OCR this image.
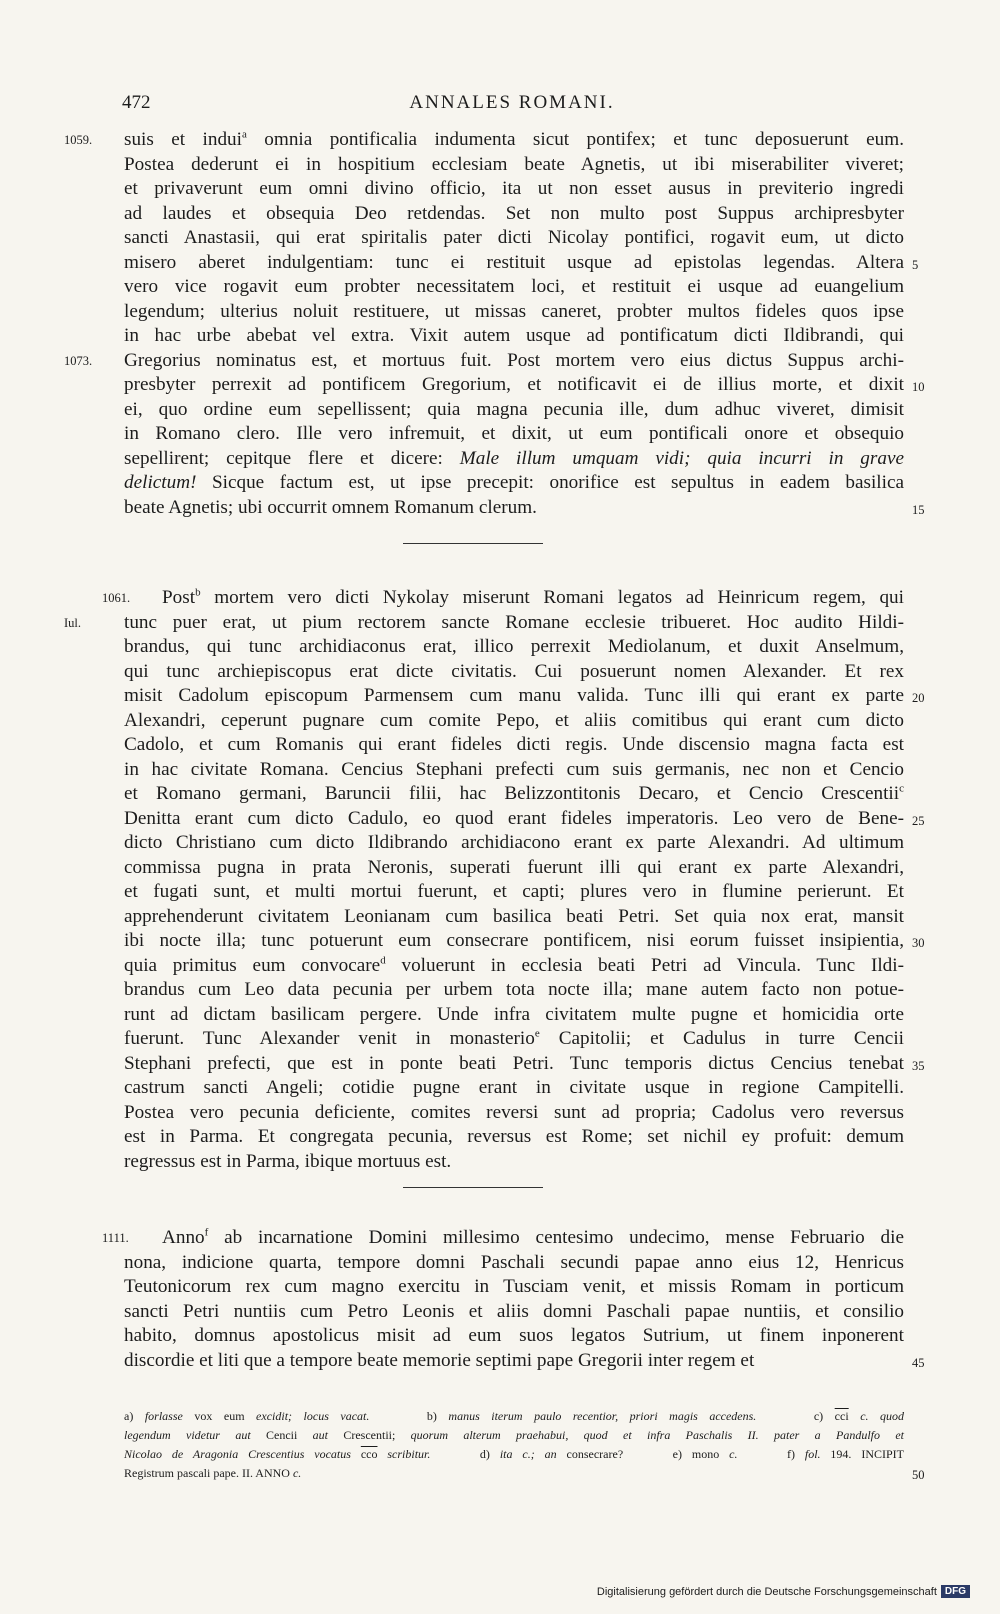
472	ANNALES ROMANI.
suis et indui$^a$ omnia pontificalia indumenta sicut pontifex; et tunc deposuerunt eum.
1059.
Postea dederunt ei in hospitium ecclesiam beate Agnetis, ut ibi miserabiliter viveret;
et privaverunt eum omni divino officio, ita ut non esset ausus in previterio ingredi
ad laudes et obsequia Deo retdendas. Set non multo post Suppus archipresbyter
sancti Anastasii, qui erat spiritalis pater dicti Nicolay pontifici, rogavit eum, ut dicto
misero aberet indulgentiam: tunc ei restituit usque ad epistolas legendas. Altera 5
vero vice rogavit eum probter necessitatem loci, et restituit ei usque ad euangelium
legendum; ulterius noluit restituere, ut missas caneret, probter multos fideles quos ipse
in hac urbe abebat vel extra. Vixit autem usque ad pontificatum dicti Ildibrandi, qui
Gregorius nominatus est, et mortuus fuit. Post mortem vero eius dictus Suppus archi-
1073.
presbyter perrexit ad pontificem Gregorium, et notificavit ei de illius morte, et dixit 10
ei, quo ordine eum sepellissent; quia magna pecunia ille, dum adhuc viveret, dimisit
in Romano clero. Ille vero infremuit, et dixit, ut eum pontificali onore et obsequio
sepellirent; cepitque flere et dicere: Male illum umquam vidi; quia incurri in grave
delictum! Sicque factum est, ut ipse precepit: onorifice est sepultus in eadem basilica
beate Agnetis; ubi occurrit omnem Romanum clerum.	15
Post$^b$ mortem vero dicti Nykolay miserunt Romani legatos ad Heinricum regem, qui
1061.
tunc puer erat, ut pium rectorem sancte Romane ecclesie tribueret. Hoc audito Hildi-
Iul.
brandus, qui tunc archidiaconus erat, illico perrexit Mediolanum, et duxit Anselmum,
qui tunc archiepiscopus erat dicte civitatis. Cui posuerunt nomen Alexander. Et rex
misit Cadolum episcopum Parmensem cum manu valida. Tunc illi qui erant ex parte 20
Alexandri, ceperunt pugnare cum comite Pepo, et aliis comitibus qui erant cum dicto
Cadolo, et cum Romanis qui erant fideles dicti regis. Unde discensio magna facta est
in hac civitate Romana. Cencius Stephani prefecti cum suis germanis, nec non et Cencio
et Romano germani, Baruncii filii, hac Belizzontitonis Decaro, et Cencio Crescentii$^c$
Denitta erant cum dicto Cadulo, eo quod erant fideles imperatoris. Leo vero de Bene- 25
dicto Christiano cum dicto Ildibrando archidiacono erant ex parte Alexandri. Ad ultimum
commissa pugna in prata Neronis, superati fuerunt illi qui erant ex parte Alexandri,
et fugati sunt, et multi mortui fuerunt, et capti; plures vero in flumine perierunt. Et
apprehenderunt civitatem Leonianam cum basilica beati Petri. Set quia nox erat, mansit
ibi nocte illa; tunc potuerunt eum consecrare pontificem, nisi eorum fuisset insipientia, 30
quia primitus eum convocare$^d$ voluerunt in ecclesia beati Petri ad Vincula. Tunc Ildi-
brandus cum Leo data pecunia per urbem tota nocte illa; mane autem facto non potue-
runt ad dictam basilicam pergere. Unde infra civitatem multe pugne et homicidia orte
fuerunt. Tunc Alexander venit in monasterio$^e$ Capitolii; et Cadulus in turre Cencii
Stephani prefecti, que est in ponte beati Petri. Tunc temporis dictus Cencius tenebat 35
castrum sancti Angeli; cotidie pugne erant in civitate usque in regione Campitelli.
Postea vero pecunia deficiente, comites reversi sunt ad propria; Cadolus vero reversus
est in Parma. Et congregata pecunia, reversus est Rome; set nichil ey profuit: demum
regressus est in Parma, ibique mortuus est.
Anno$^f$ ab incarnatione Domini millesimo centesimo undecimo, mense Februario die
1111.
nona, indicione quarta, tempore domni Paschali secundi papae anno eius 12, Henricus
Teutonicorum rex cum magno exercitu in Tusciam venit, et missis Romam in porticum
sancti Petri nuntiis cum Petro Leonis et aliis domni Paschali papae nuntiis, et consilio
habito, domnus apostolicus misit ad eum suos legatos Sutrium, ut finem inponerent
discordie et liti que a tempore beate memorie septimi pape Gregorii inter regem et	45
a) forlasse vox eum excidit; locus vacat.     b) manus iterum paulo recentior, priori magis accedens.     c) $\overline{cci}$ c. quod
legendum videtur aut Cencii aut Crescentii; quorum alterum praehabui, quod et infra Paschalis II. pater a Pandulfo et
Nicolao de Aragonia Crescentius vocatus $\overline{cco}$ scribitur.     d) ita c.; an consecrare?     e) mono c.     f) fol. 194. INCIPIT
Registrum pascali pape. II. ANNO c.	50
Digitalisierung gefördert durch die Deutsche Forschungsgemeinschaft DFG
